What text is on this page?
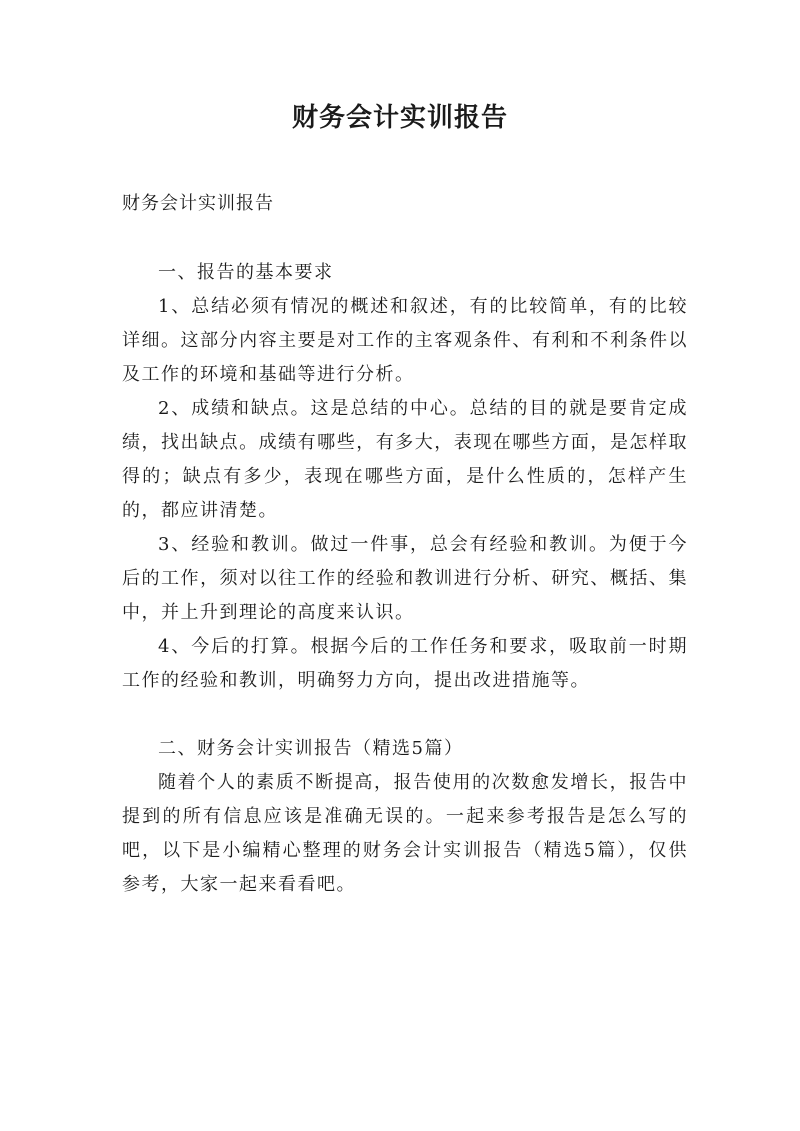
财务会计实训报告

财务会计实训报告

一、报告的基本要求

1、总结必须有情况的概述和叙述，有的比较简单，有的比较详细。这部分内容主要是对工作的主客观条件、有利和不利条件以及工作的环境和基础等进行分析。

2、成绩和缺点。这是总结的中心。总结的目的就是要肯定成绩，找出缺点。成绩有哪些，有多大，表现在哪些方面，是怎样取得的；缺点有多少，表现在哪些方面，是什么性质的，怎样产生的，都应讲清楚。

3、经验和教训。做过一件事，总会有经验和教训。为便于今后的工作，须对以往工作的经验和教训进行分析、研究、概括、集中，并上升到理论的高度来认识。

4、今后的打算。根据今后的工作任务和要求，吸取前一时期工作的经验和教训，明确努力方向，提出改进措施等。

二、财务会计实训报告（精选5篇）

随着个人的素质不断提高，报告使用的次数愈发增长，报告中提到的所有信息应该是准确无误的。一起来参考报告是怎么写的吧，以下是小编精心整理的财务会计实训报告（精选5篇），仅供参考，大家一起来看看吧。
